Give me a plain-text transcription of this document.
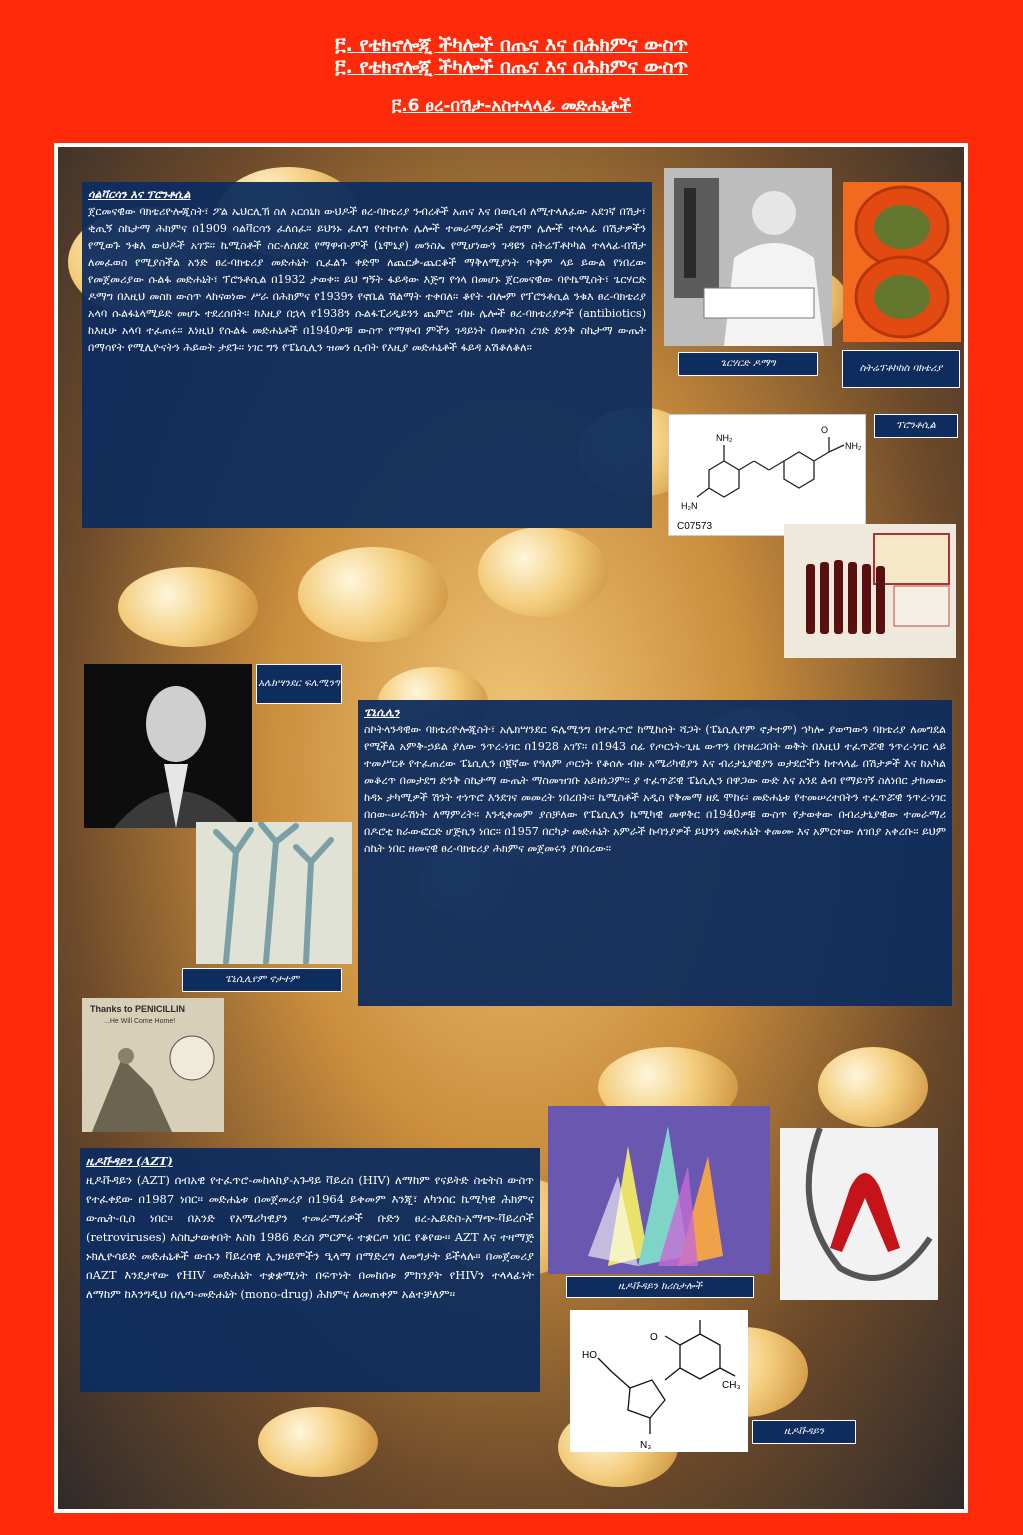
፫. የቴክኖሎጂ ችካሎች በጤና እና በሕክምና ውስጥ
፫. የቴክኖሎጂ ችካሎች በጤና እና በሕክምና ውስጥ
፫.6 ፀረ-በሽታ-አስተላላፊ መድሐኒቶች
ሳልቫርሳን እና ፕሮንቶሲል

ጀርመናዊው ባክቴሪዮሎጂስት፣ ፖል ኤህርሊኽ ስለ አርሰኒክ ውህዶች ፀረ-ባክቴሪያ ንብረቶች አጠና እና በወሲብ ለሚተላለፈው አደገኛ በሽታ፣ ቂጢኝ ስኬታማ ሕክምና በ1909 ሳልቫርሳን ፈለሰፈ፡፡ ይህንኑ ፈለግ የተከተሉ ሌሎች ተመራማሪዎች ደግሞ ሌሎች ተላላፊ በሽታዎችን የሚወጉ ንቁእ ውህዶች አገኙ፡፡ ኬሚስቶች ስር-ለሰደደ የማዋብ-ምች (ኒሞኒያ) መንስኤ የሚሆነውን ገዳዩን ስትሬፕቶኮካል ተላላፊ-በሽታ ለመፈወስ የሚያስችል አንድ ፀረ-ባክቴሪያ መድሐኒት ሲፈልጉ ቀድሞ ለጨርቃ-ጨርቆች ማቅለሚያነት ጥቅም ላይ ይውል የነበረው የመጀመሪያው ሱልፋ መድሐኒት፣ ፕሮንቶሲል በ1932 ታወቀ፡፡ ይህ ግኝት ፋይዳው እጅግ የጎላ በመሆኑ ጀርመናዊው ባዮኬሚስት፣ ጌርሃርድ ዶማግ በእዚህ መስክ ውስጥ ላከናወነው ሥራ በሕክምና የ1939ን የኖቤል ሽልማት ተቀበለ፡፡ ቆየት ብሎም የፕሮንቶሲል ንቁእ ፀረ-ባክቴሪያ አላባ ሱልፋኒላሚይድ መሆኑ ተደረሰበት፡፡ ከእዚያ በኋላ የ1938ን ሱልፋፒሪዲይንን ጨምሮ ብዙ ሌሎች ፀረ-ባክቴሪያዎች (antibiotics) ከእዚሁ አላባ ተፈጠሩ፡፡ እነዚህ የሱልፋ መድሐኒቶች በ1940ዎቹ ውስጥ የማዋብ ምችን ገዳይነት በመቀነስ ረገድ ድንቅ ስኬታማ ውጤት በማሳየት የሚሊዮናትን ሕይወት ታደጉ፡፡ ነገር ግን የፔኒሲሊን ዝመን ሲብት የእዚያ መድሐኒቶች ፋይዳ አሽቆለቆለ፡፡

ጌርሃርድ ዶማግ	ስትሬፕቶኮከስ ባክቴሪያ
ፕሮንቶሲል
NH₂
H₂N
O
NH₂
C07573
አሌክሣንደር ፍሌሚንግ
ፔኒሲሊየም ኖታተም
ፔኒሲሊን

ስኮትላንዳዊው ባክቴሪዮሎጂስት፣ አሌክሣንደር ፍሌሚንግ በተፈጥሮ ከሚከሰት ሻጋት (ፔኒሲሊየም ኖታተም) ኀካሎ ያወጣውን ባክቴሪያ ለመግደል የሚችል አምቅ-ኃይል ያለው ንጥረ-ነገር በ1928 አገኘ፡፡ በ1943 ሰፊ የጦርነት-ጊዜ ውጥን በተዘረጋበት ወቅት በእዚህ ተፈጥሯዊ ንጥረ-ነገር ላይ ተመሥርቶ የተፈጠረው ፔኒሲሊን በ፪ኛው የዓለም ጦርነት የቆሰሉ ብዙ አሜሪካዊያን እና ብሪታኒያዊያን ወታደሮችን ከተላላፊ በሽታዎች እና ከአካል መቆረጥ በመታደግ ድንቅ ስኬታማ ውጤት ማስመዝገቡ አይዘነጋም፡፡ ያ ተፈጥሯዊ ፔኒሲሊን በዋጋው ውድ እና አንደ ልብ የማይገኝ ስለነበር ታክመው ከዳኑ ታካሚዎች ሽንት ተነጥሮ እንደገና መመረት ነበረበት፡፡ ኬሚስቶች አዲስ የቅመማ ዘዴ ሞከሩ፡ መድሐኒቱ የተመሠረተበትን ተፈጥሯዊ ንጥረ-ነገር በሰው-ሠራሽነት ለማምረት፡፡ እንዲቀመም ያስቻለው የፔኒሲሊን ኬሚካዊ መዋቅር በ1940ዎቹ ውስጥ የታወቀው በብሪታኒያዊው ተመራማሪ በዶሮቲ ክራውፎርድ ሆጅኪን ነበር፡፡ በ1957 በርካታ መድሐኒት አምራች ኩባንያዎች ይህንን መድሐኒት ቀመሙ እና አምርተው ለገበያ አቀረቡ፡፡ ይህም ስኬት ነበር ዘመናዊ ፀረ-ባክቴሪያ ሕክምና መጀመሩን ያበሰረው፡፡

Thanks to PENICILLIN
...He Will Come Home!
ዚዶቩዳይን (AZT)

ዚዶቩዳይን (AZT) ሰብአዊ የተፈጥሮ-መከላከያ-አጉዳይ ቫይረስ (HIV) ለማከም የናይትድ ስቴትስ ውስጥ የተፈቀደው በ1987 ነበር፡፡ መድሐኒቱ በመጀመሪያ በ1964 ይቀመም እንጂ፣ ለካንሰር ኬሚካዊ ሕክምና ውጤት-ቢስ ነበር፡፡ በአንድ የአሜሪካዊያን ተመራማሪዎች ቡድን ፀረ-ኤይድስ-አማጭ-ቫይረሶች (retroviruses) እስኪታወቀበት እስከ 1986 ድረስ ምርምሩ ተቋርጦ ነበር የቆየው፡፡ AZT እና ተዛማጅ ኑክሊዮሳይድ መድሐኒቶች ውሱን ቫይረሳዊ ኢንዛይሞችን ዒላማ በማድረግ ለመግታት ይችላሉ፡፡ በመጀመሪያ በAZT እንደታየው የHIV መድሐኒት ተቋቋሚነት በፍጥነት በመከሰቱ ምክንያት የHIVን ተላላፊነት ለማከም ከእንግዲህ በሌጣ-መድሐኒት (mono-drug) ሕክምና ለመጠቀም አልተቻለም፡፡

ዚዶቩዳይን ክሪስታሎች
O
HO
CH₃
N₃
ዚዶቩዳይን
